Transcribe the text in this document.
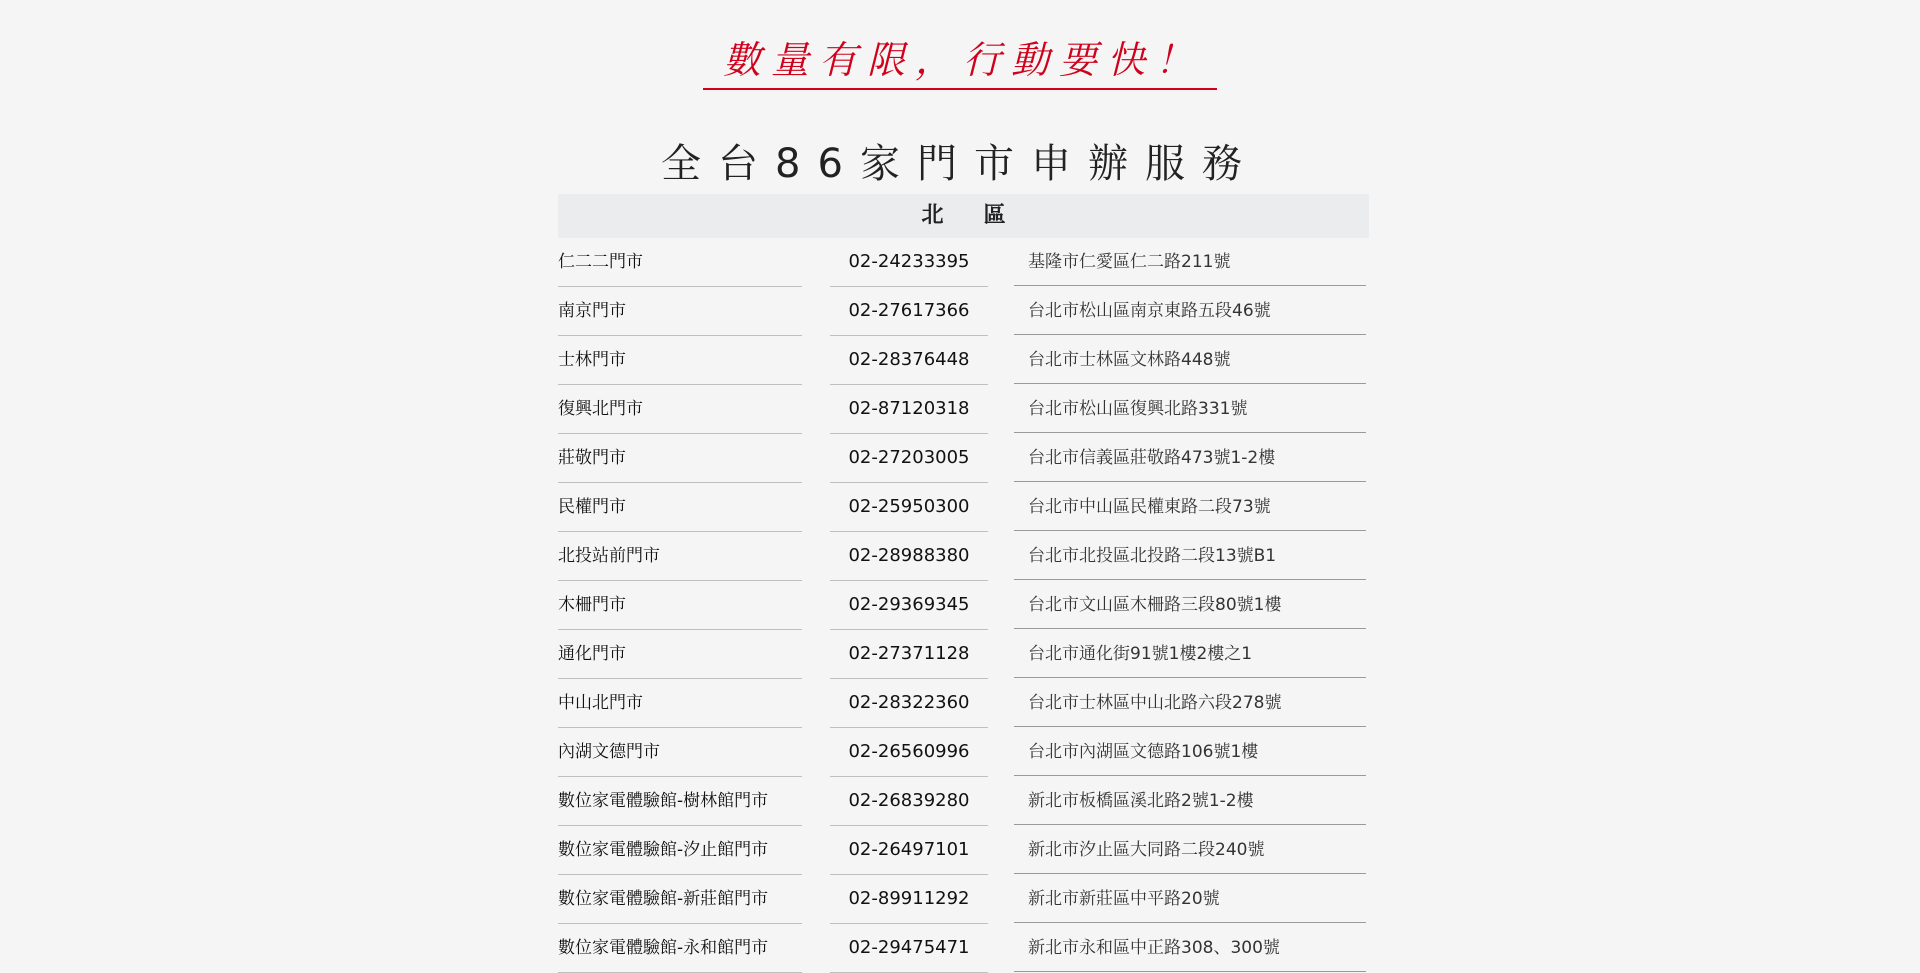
數量有限，行動要快！
全台86家門市申辦服務
北區
仁二二門市	02-24233395	基隆市仁愛區仁二路211號
南京門市	02-27617366	台北市松山區南京東路五段46號
士林門市	02-28376448	台北市士林區文林路448號
復興北門市	02-87120318	台北市松山區復興北路331號
莊敬門市	02-27203005	台北市信義區莊敬路473號1-2樓
民權門市	02-25950300	台北市中山區民權東路二段73號
北投站前門市	02-28988380	台北市北投區北投路二段13號B1
木柵門市	02-29369345	台北市文山區木柵路三段80號1樓
通化門市	02-27371128	台北市通化街91號1樓2樓之1
中山北門市	02-28322360	台北市士林區中山北路六段278號
內湖文德門市	02-26560996	台北市內湖區文德路106號1樓
數位家電體驗館-樹林館門市	02-26839280	新北市板橋區溪北路2號1-2樓
數位家電體驗館-汐止館門市	02-26497101	新北市汐止區大同路二段240號
數位家電體驗館-新莊館門市	02-89911292	新北市新莊區中平路20號
數位家電體驗館-永和館門市	02-29475471	新北市永和區中正路308、300號
